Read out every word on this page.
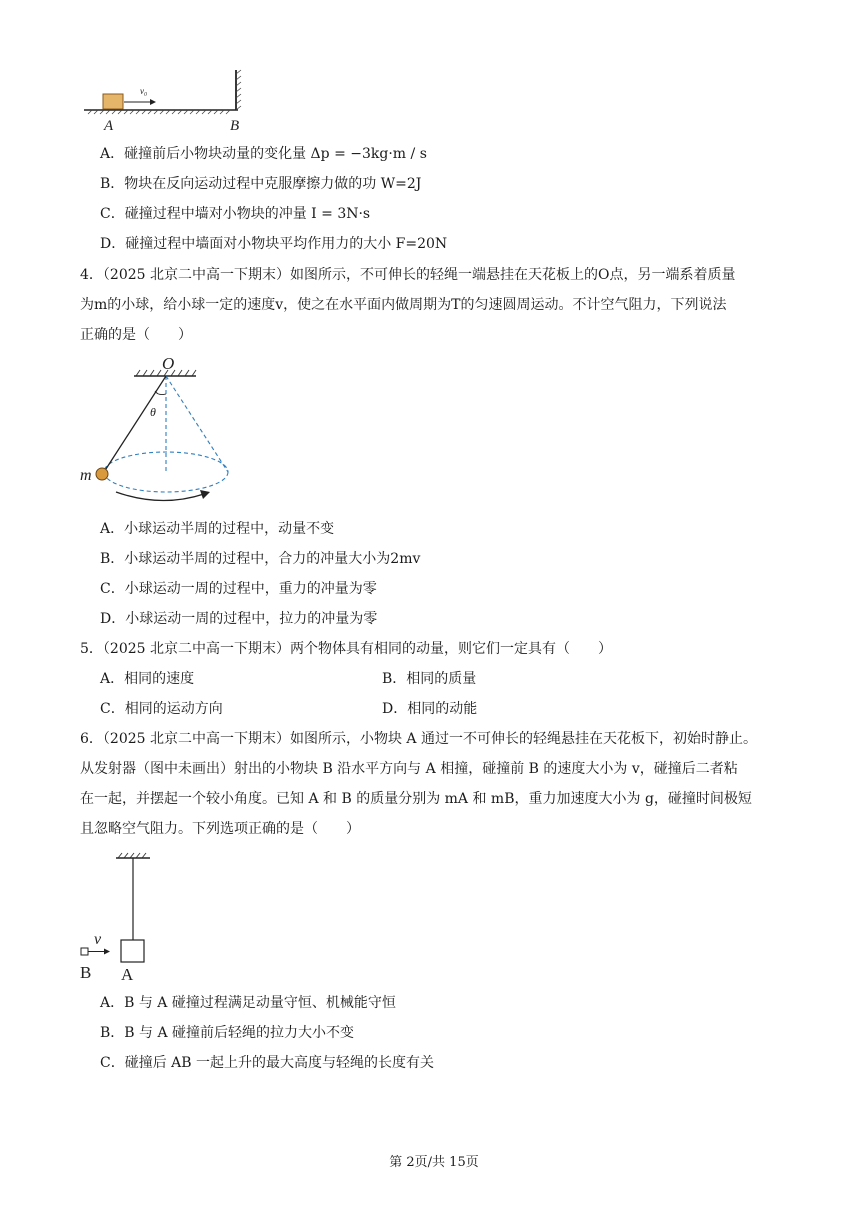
v₀
A	B
A．碰撞前后小物块动量的变化量 Δp = −3kg·m / s
B．物块在反向运动过程中克服摩擦力做的功 W=2J
C．碰撞过程中墙对小物块的冲量 I = 3N·s
D．碰撞过程中墙面对小物块平均作用力的大小 F=20N
4．（2025 北京二中高一下期末）如图所示，不可伸长的轻绳一端悬挂在天花板上的O点，另一端系着质量
为m的小球，给小球一定的速度v，使之在水平面内做周期为T的匀速圆周运动。不计空气阻力，下列说法
正确的是（　　）
O
θ
m
A．小球运动半周的过程中，动量不变
B．小球运动半周的过程中，合力的冲量大小为2mv
C．小球运动一周的过程中，重力的冲量为零
D．小球运动一周的过程中，拉力的冲量为零
5．（2025 北京二中高一下期末）两个物体具有相同的动量，则它们一定具有（　　）
A．相同的速度	B．相同的质量
C．相同的运动方向	D．相同的动能
6．（2025 北京二中高一下期末）如图所示，小物块 A 通过一不可伸长的轻绳悬挂在天花板下，初始时静止。
从发射器（图中未画出）射出的小物块 B 沿水平方向与 A 相撞，碰撞前 B 的速度大小为 v，碰撞后二者粘
在一起，并摆起一个较小角度。已知 A 和 B 的质量分别为 mA 和 mB，重力加速度大小为 g，碰撞时间极短
且忽略空气阻力。下列选项正确的是（　　）
v
B A
A．B 与 A 碰撞过程满足动量守恒、机械能守恒
B．B 与 A 碰撞前后轻绳的拉力大小不变
C．碰撞后 AB 一起上升的最大高度与轻绳的长度有关
第 2页/共 15页
